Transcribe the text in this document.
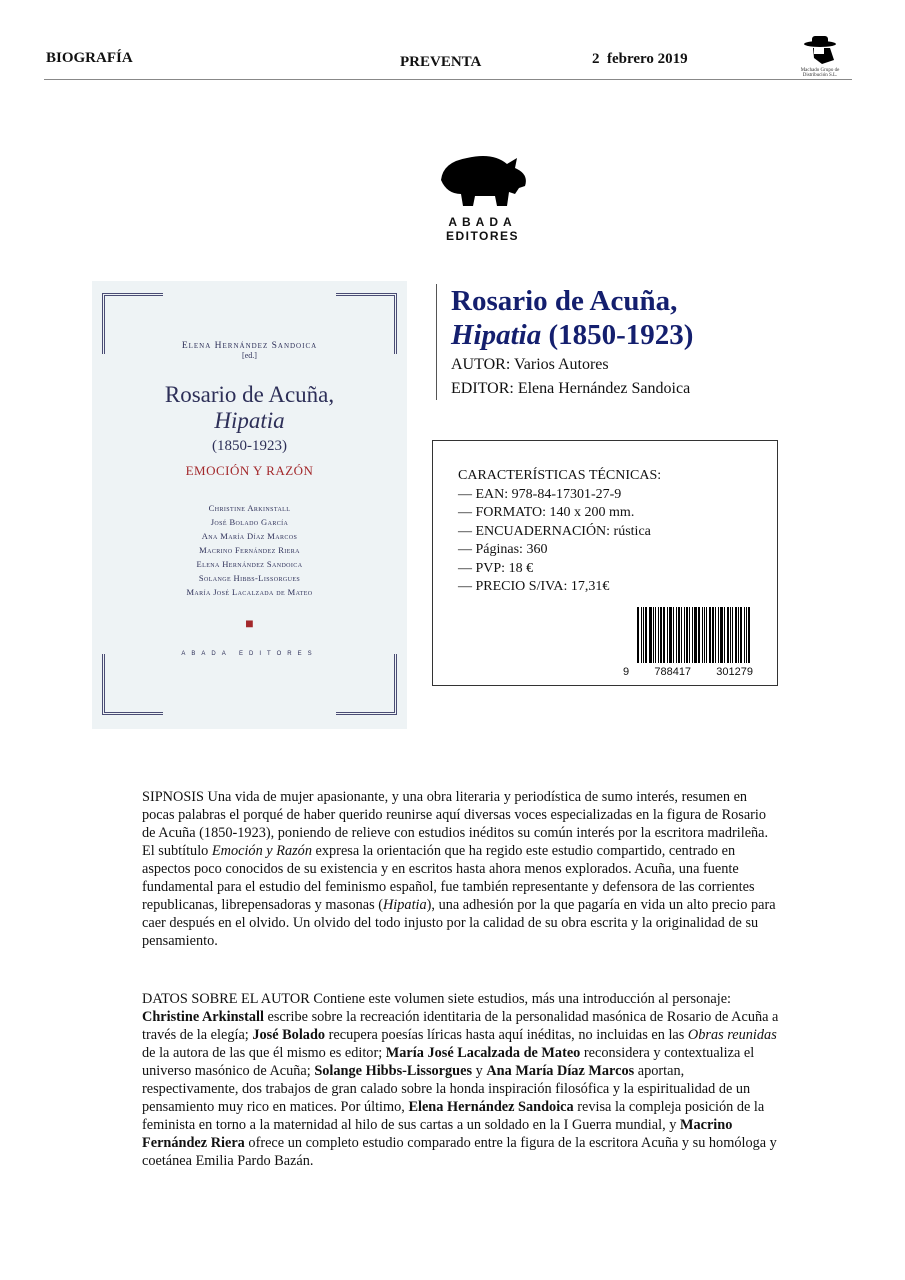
BIOGRAFÍA	PREVENTA	2  febrero 2019
Machado Grupo de Distribución S.L.
ABADA EDITORES
Elena Hernández Sandoica
[ed.]
Rosario de Acuña,
Hipatia
(1850-1923)
EMOCIÓN Y RAZÓN
Christine Arkinstall
José Bolado García
Ana María Díaz Marcos
Macrino Fernández Riera
Elena Hernández Sandoica
Solange Hibbs-Lissorgues
María José Lacalzada de Mateo
■
ABADA EDITORES
Rosario de Acuña,
Hipatia (1850-1923)
AUTOR: Varios Autores
EDITOR: Elena Hernández Sandoica
CARACTERÍSTICAS TÉCNICAS:
— EAN: 978-84-17301-27-9
— FORMATO: 140 x 200 mm.
— ENCUADERNACIÓN: rústica
— Páginas: 360
— PVP: 18 €
— PRECIO S/IVA: 17,31€
9 788417 301279
SIPNOSIS Una vida de mujer apasionante, y una obra literaria y periodística de sumo interés, resumen en pocas palabras el porqué de haber querido reunirse aquí diversas voces especializadas en la figura de Rosario de Acuña (1850-1923), poniendo de relieve con estudios inéditos su común interés por la escritora madrileña.
El subtítulo Emoción y Razón expresa la orientación que ha regido este estudio compartido, centrado en aspectos poco conocidos de su existencia y en escritos hasta ahora menos explorados. Acuña, una fuente fundamental para el estudio del feminismo español, fue también representante y defensora de las corrientes republicanas, librepensadoras y masonas (Hipatia), una adhesión por la que pagaría en vida un alto precio para caer después en el olvido. Un olvido del todo injusto por la calidad de su obra escrita y la originalidad de su pensamiento.
DATOS SOBRE EL AUTOR Contiene este volumen siete estudios, más una introducción al personaje: Christine Arkinstall escribe sobre la recreación identitaria de la personalidad masónica de Rosario de Acuña a través de la elegía; José Bolado recupera poesías líricas hasta aquí inéditas, no incluidas en las Obras reunidas de la autora de las que él mismo es editor; María José Lacalzada de Mateo reconsidera y contextualiza el universo masónico de Acuña; Solange Hibbs-Lissorgues y Ana María Díaz Marcos aportan, respectivamente, dos trabajos de gran calado sobre la honda inspiración filosófica y la espiritualidad de un pensamiento muy rico en matices. Por último, Elena Hernández Sandoica revisa la compleja posición de la feminista en torno a la maternidad al hilo de sus cartas a un soldado en la I Guerra mundial, y Macrino Fernández Riera ofrece un completo estudio comparado entre la figura de la escritora Acuña y su homóloga y coetánea Emilia Pardo Bazán.
